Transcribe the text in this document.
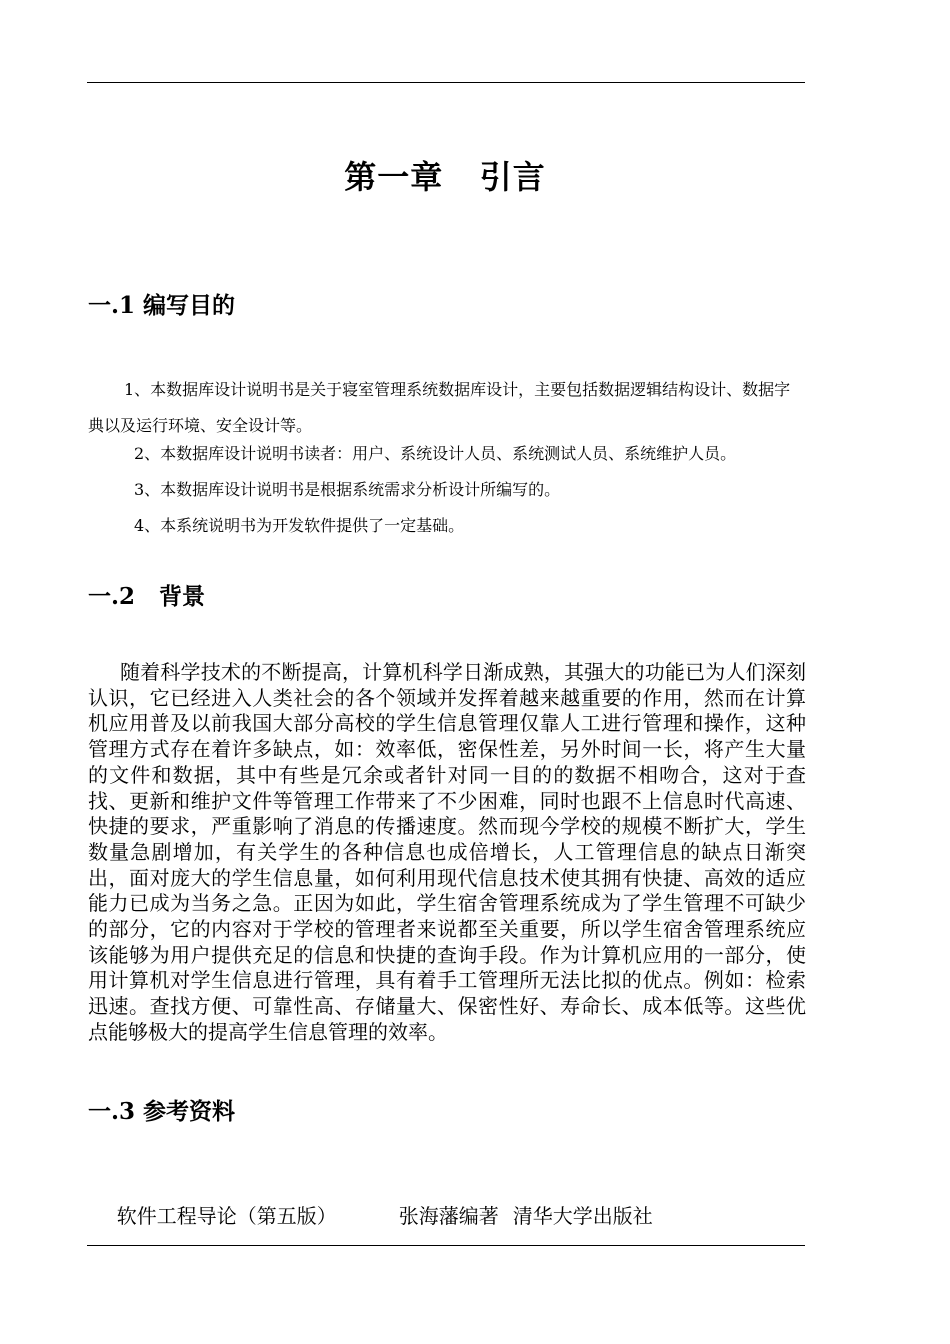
第一章   引言
一.1 编写目的
1、本数据库设计说明书是关于寝室管理系统数据库设计，主要包括数据逻辑结构设计、数据字典以及运行环境、安全设计等。
2、本数据库设计说明书读者：用户、系统设计人员、系统测试人员、系统维护人员。
3、本数据库设计说明书是根据系统需求分析设计所编写的。
4、本系统说明书为开发软件提供了一定基础。
一.2   背景
随着科学技术的不断提高，计算机科学日渐成熟，其强大的功能已为人们深刻认识，它已经进入人类社会的各个领域并发挥着越来越重要的作用，然而在计算机应用普及以前我国大部分高校的学生信息管理仅靠人工进行管理和操作，这种管理方式存在着许多缺点，如：效率低，密保性差，另外时间一长，将产生大量的文件和数据，其中有些是冗余或者针对同一目的的数据不相吻合，这对于查找、更新和维护文件等管理工作带来了不少困难，同时也跟不上信息时代高速、快捷的要求，严重影响了消息的传播速度。然而现今学校的规模不断扩大，学生数量急剧增加，有关学生的各种信息也成倍增长，人工管理信息的缺点日渐突出，面对庞大的学生信息量，如何利用现代信息技术使其拥有快捷、高效的适应能力已成为当务之急。正因为如此，学生宿舍管理系统成为了学生管理不可缺少的部分，它的内容对于学校的管理者来说都至关重要，所以学生宿舍管理系统应该能够为用户提供充足的信息和快捷的查询手段。作为计算机应用的一部分，使用计算机对学生信息进行管理，具有着手工管理所无法比拟的优点。例如：检索迅速。查找方便、可靠性高、存储量大、保密性好、寿命长、成本低等。这些优点能够极大的提高学生信息管理的效率。
一.3 参考资料

软件工程导论（第五版）	张海藩编著 清华大学出版社
